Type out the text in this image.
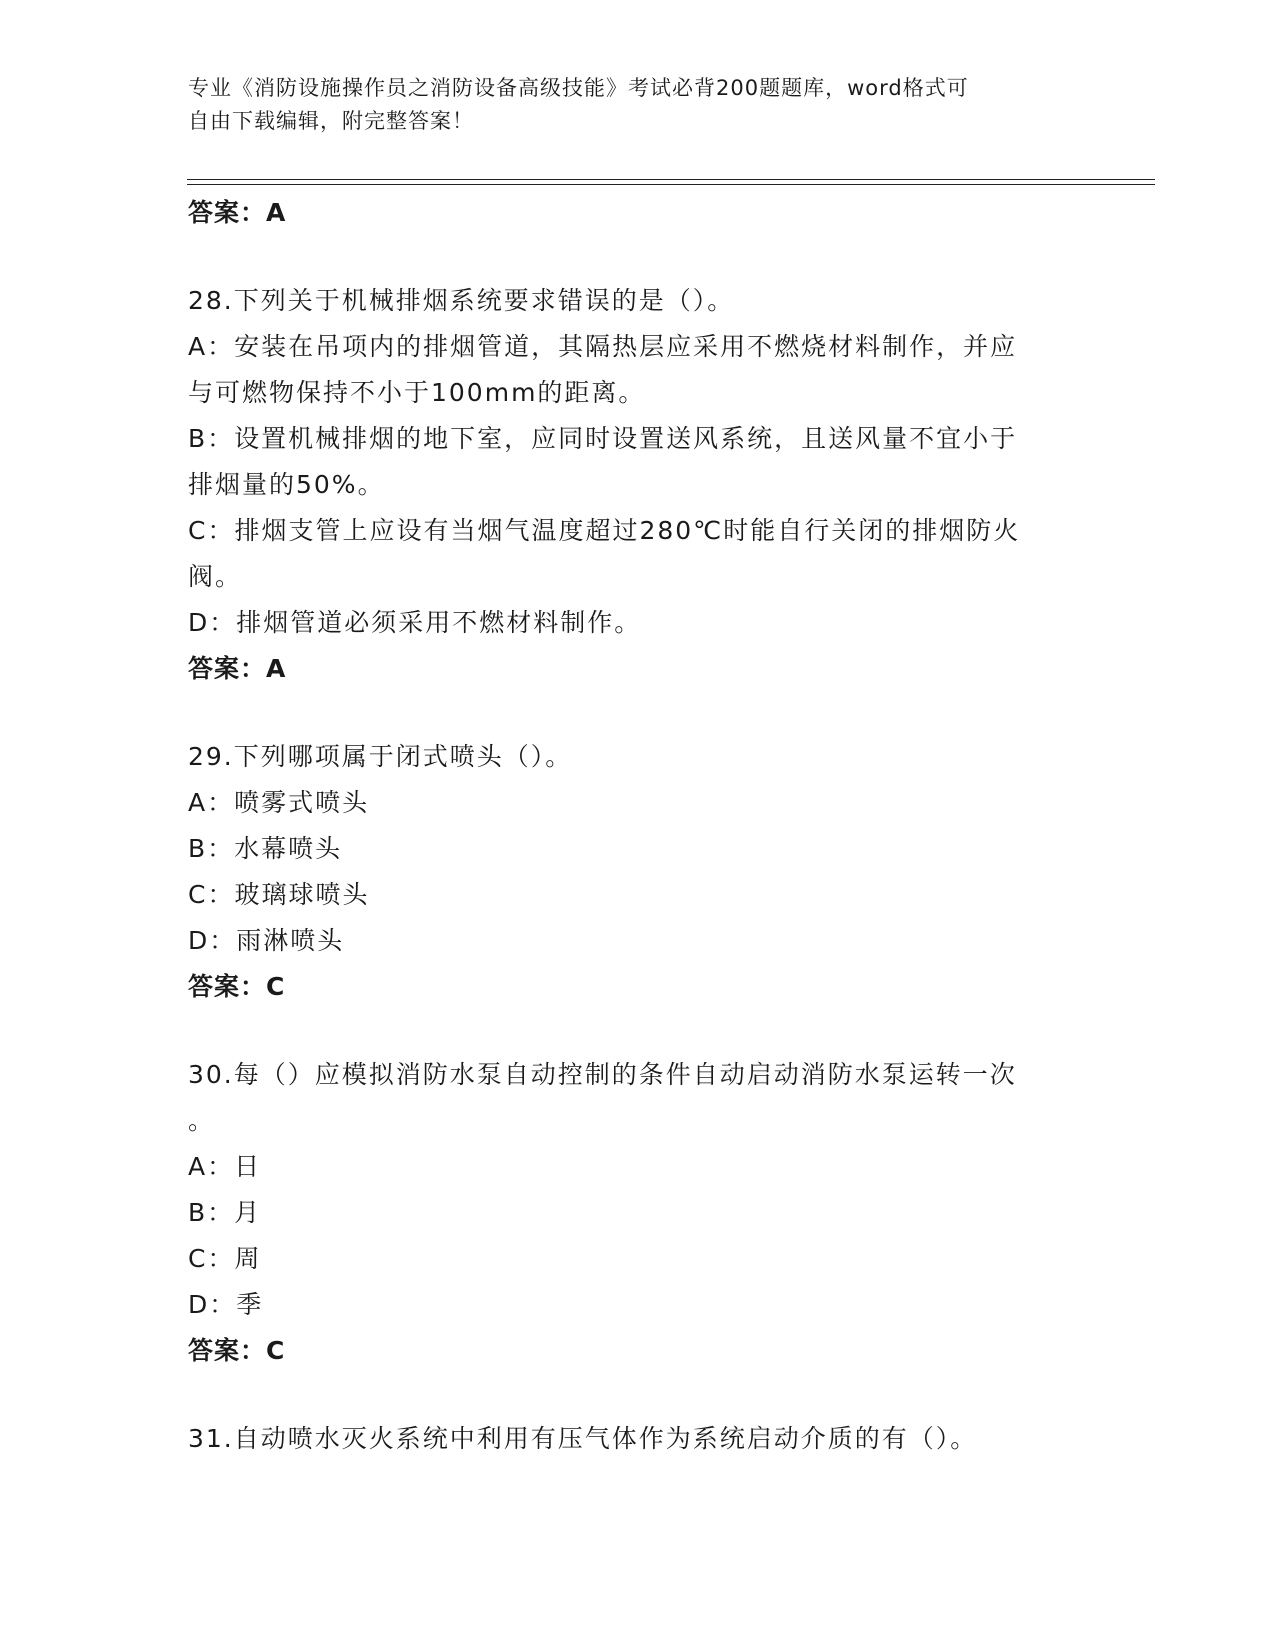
专业《消防设施操作员之消防设备高级技能》考试必背200题题库，word格式可
自由下载编辑，附完整答案！

答案：A

28.下列关于机械排烟系统要求错误的是（）。

A：安装在吊项内的排烟管道，其隔热层应采用不燃烧材料制作，并应

与可燃物保持不小于100mm的距离。

B：设置机械排烟的地下室，应同时设置送风系统，且送风量不宜小于

排烟量的50%。

C：排烟支管上应设有当烟气温度超过280℃时能自行关闭的排烟防火

阀。

D：排烟管道必须采用不燃材料制作。

答案：A

29.下列哪项属于闭式喷头（）。

A：喷雾式喷头

B：水幕喷头

C：玻璃球喷头

D：雨淋喷头

答案：C

30.每（）应模拟消防水泵自动控制的条件自动启动消防水泵运转一次

。

A：日

B：月

C：周

D：季

答案：C

31.自动喷水灭火系统中利用有压气体作为系统启动介质的有（）。
